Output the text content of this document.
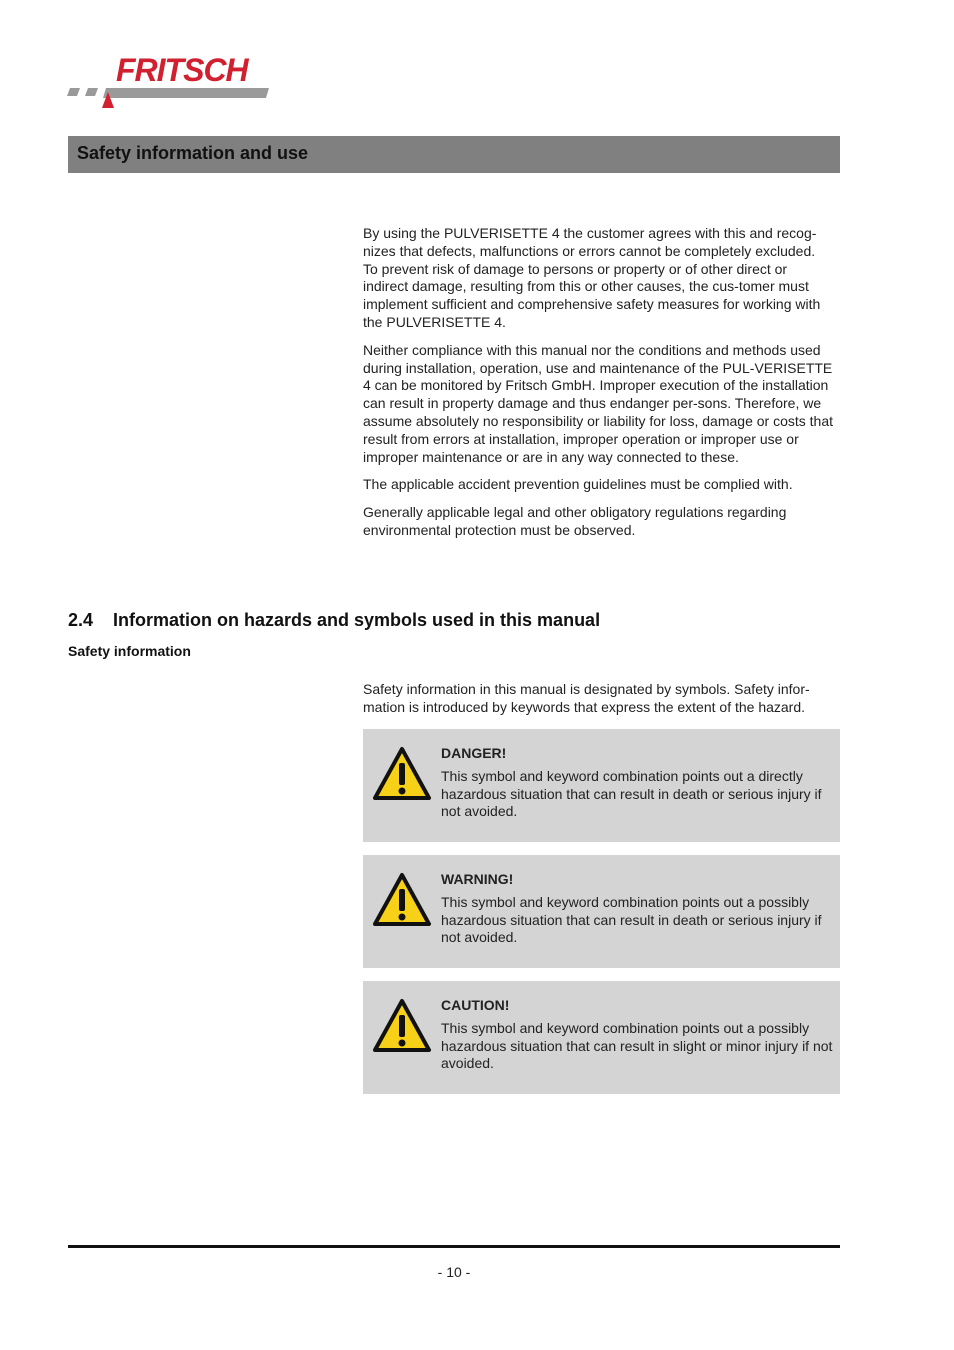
FRITSCH
Safety information and use

By using the PULVERISETTE 4 the customer agrees with this and recog-nizes that defects, malfunctions or errors cannot be completely excluded. To prevent risk of damage to persons or property or of other direct or indirect damage, resulting from this or other causes, the cus-tomer must implement sufficient and comprehensive safety measures for working with the PULVERISETTE 4.

Neither compliance with this manual nor the conditions and methods used during installation, operation, use and maintenance of the PUL-VERISETTE 4 can be monitored by Fritsch GmbH. Improper execution of the installation can result in property damage and thus endanger per-sons. Therefore, we assume absolutely no responsibility or liability for loss, damage or costs that result from errors at installation, improper operation or improper use or improper maintenance or are in any way connected to these.

The applicable accident prevention guidelines must be complied with.

Generally applicable legal and other obligatory regulations regarding environmental protection must be observed.

2.4 Information on hazards and symbols used in this manual
Safety information

Safety information in this manual is designated by symbols. Safety infor-mation is introduced by keywords that express the extent of the hazard.

DANGER!
This symbol and keyword combination points out a directly hazardous situation that can result in death or serious injury if not avoided.
WARNING!
This symbol and keyword combination points out a possibly hazardous situation that can result in death or serious injury if not avoided.
CAUTION!
This symbol and keyword combination points out a possibly hazardous situation that can result in slight or minor injury if not avoided.
- 10 -
